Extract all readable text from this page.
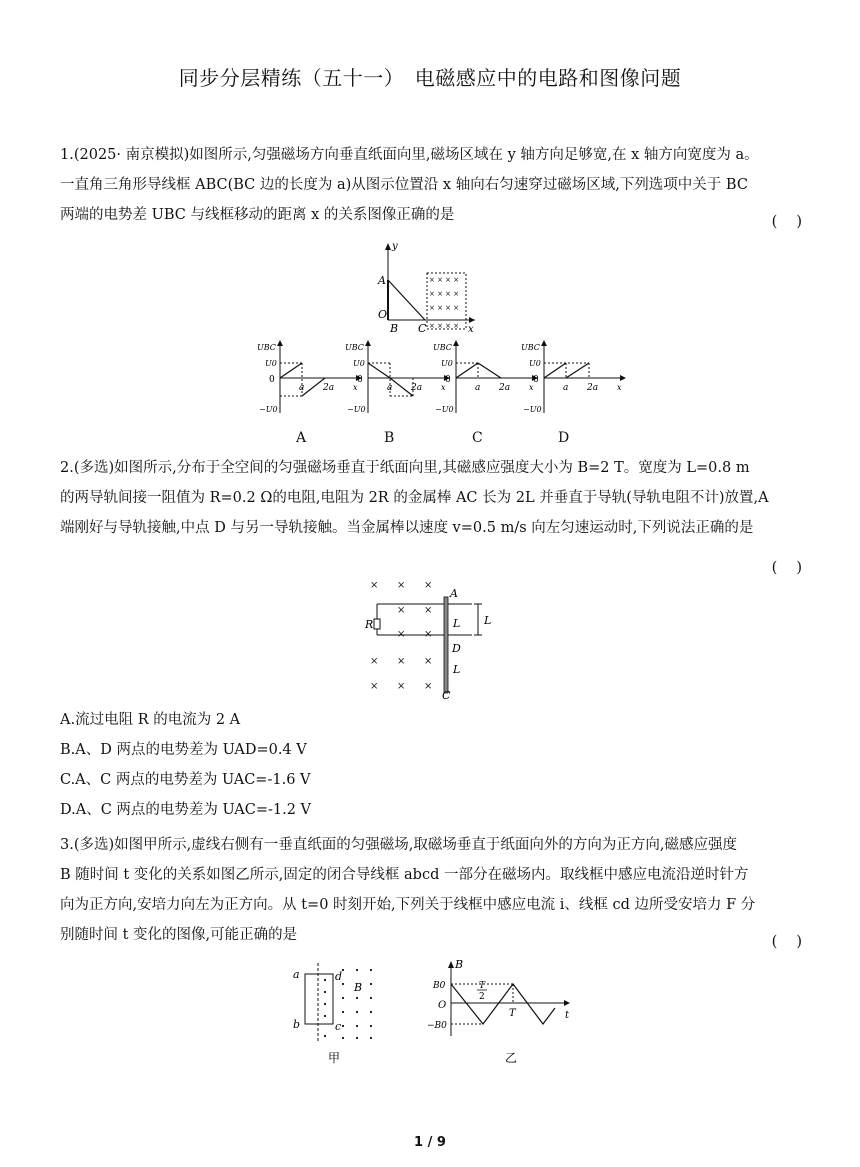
同步分层精练（五十一）　电磁感应中的电路和图像问题
1.(2025· 南京模拟)如图所示,匀强磁场方向垂直纸面向里,磁场区域在 y 轴方向足够宽,在 x 轴方向宽度为 a。
一直角三角形导线框 ABC(BC 边的长度为 a)从图示位置沿 x 轴向右匀速穿过磁场区域,下列选项中关于 BC
两端的电势差 UBC 与线框移动的距离 x 的关系图像正确的是	(　 )
× × × ×
× × × ×
× × × ×
× × × ×
y
A
O
B C	x
UBC
U0
0
−U0
a 2a x
UBC
U0
0
−U0
a 2a x
UBC
U0
0
−U0
a 2a x
UBC
U0
0
−U0
a 2a x
A	B	C	D
2.(多选)如图所示,分布于全空间的匀强磁场垂直于纸面向里,其磁感应强度大小为 B=2 T。宽度为 L=0.8 m
的两导轨间接一阻值为 R=0.2 Ω的电阻,电阻为 2R 的金属棒 AC 长为 2L 并垂直于导轨(导轨电阻不计)放置,A
端刚好与导轨接触,中点 D 与另一导轨接触。当金属棒以速度 v=0.5 m/s 向左匀速运动时,下列说法正确的是
(　 )
× × ×
× ×
× ×
× × ×
× × ×
A
R	L L
D
L
C
A.流过电阻 R 的电流为 2 A
B.A、D 两点的电势差为 UAD=0.4 V
C.A、C 两点的电势差为 UAC=-1.6 V
D.A、C 两点的电势差为 UAC=-1.2 V
3.(多选)如图甲所示,虚线右侧有一垂直纸面的匀强磁场,取磁场垂直于纸面向外的方向为正方向,磁感应强度
B 随时间 t 变化的关系如图乙所示,固定的闭合导线框 abcd 一部分在磁场内。取线框中感应电流沿逆时针方
向为正方向,安培力向左为正方向。从 t=0 时刻开始,下列关于线框中感应电流 i、线框 cd 边所受安培力 F 分
别随时间 t 变化的图像,可能正确的是	(　 )
a	d
B
b	c
甲
B
B0
O
−B0
T
2
T	t
乙
1 / 9
